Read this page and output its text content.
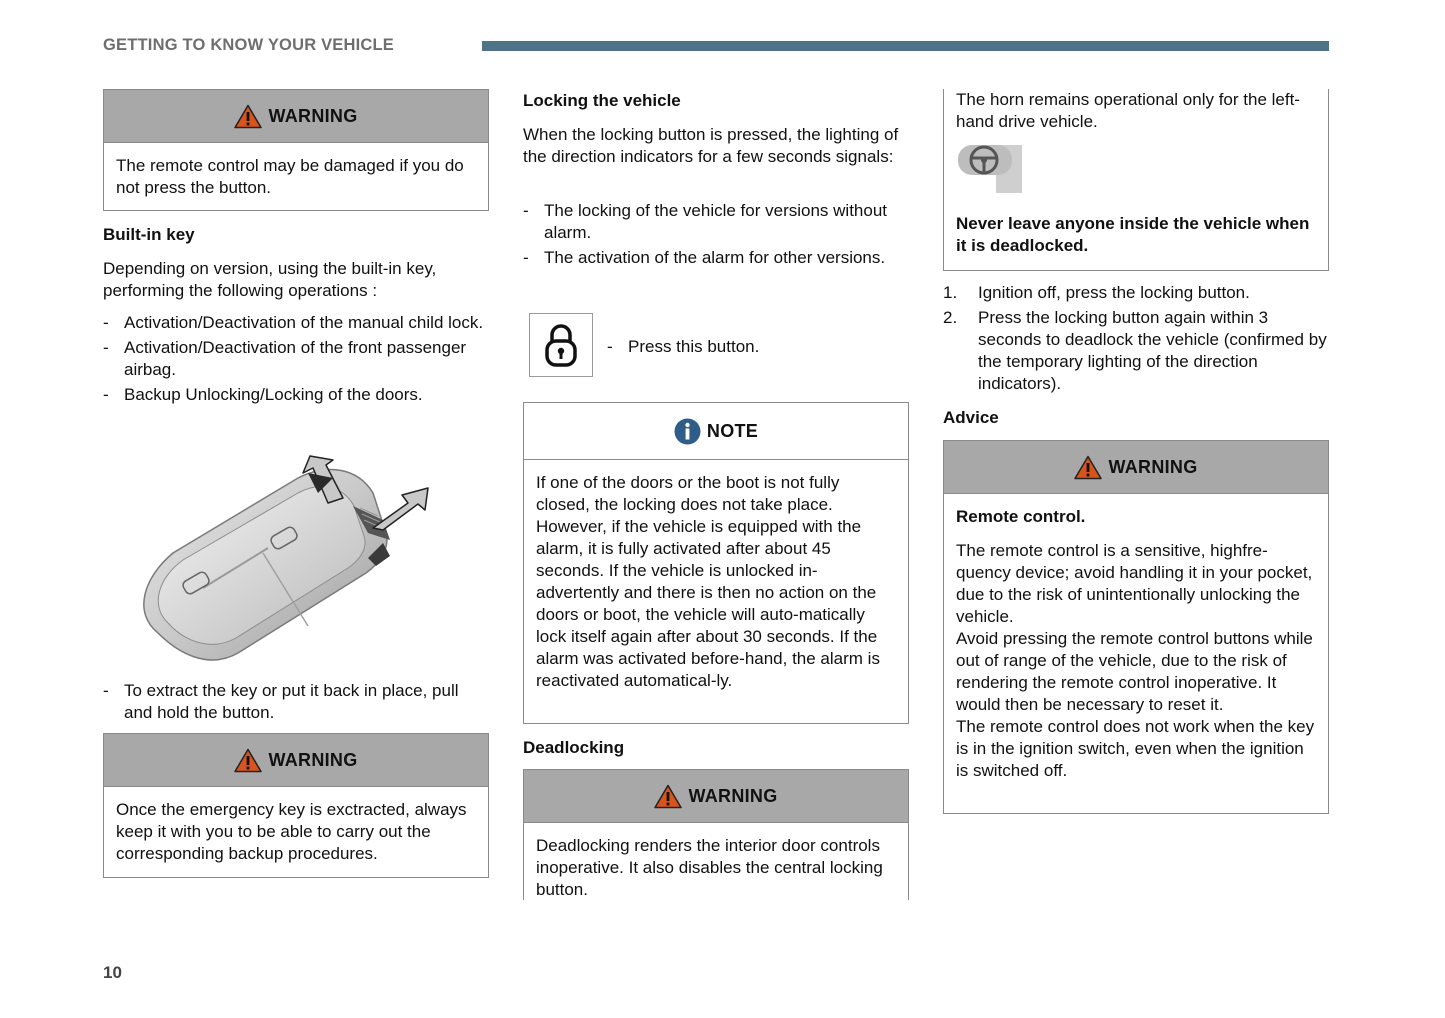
GETTING TO KNOW YOUR VEHICLE
WARNING

The remote control may be damaged if you do not press the button.

Built-in key

Depending on version, using the built-in key, performing the following operations :

- Activation/Deactivation of the manual child lock.
- Activation/Deactivation of the front passenger airbag.
- Backup Unlocking/Locking of the doors.
- To extract the key or put it back in place, pull and hold the button.
WARNING

Once the emergency key is exctracted, always keep it with you to be able to carry out the corresponding backup procedures.

Locking the vehicle

When the locking button is pressed, the lighting of the direction indicators for a few seconds signals:

- The locking of the vehicle for versions without alarm.
- The activation of the alarm for other versions.
- Press this button.
NOTE

If one of the doors or the boot is not fully closed, the locking does not take place. However, if the vehicle is equipped with the alarm, it is fully activated after about 45 seconds. If the vehicle is unlocked in-advertently and there is then no action on the doors or boot, the vehicle will auto-matically lock itself again after about 30 seconds. If the alarm was activated before-hand, the alarm is reactivated automatical-ly.

Deadlocking
WARNING

Deadlocking renders the interior door controls inoperative. It also disables the central locking button.

The horn remains operational only for the left-hand drive vehicle.

Never leave anyone inside the vehicle when it is deadlocked.

1. Ignition off, press the locking button.
2. Press the locking button again within 3 seconds to deadlock the vehicle (confirmed by the temporary lighting of the direction indicators).
Advice
WARNING

Remote control.

The remote control is a sensitive, highfre-quency device; avoid handling it in your pocket, due to the risk of unintentionally unlocking the vehicle.

Avoid pressing the remote control buttons while out of range of the vehicle, due to the risk of rendering the remote control inoperative. It would then be necessary to reset it.

The remote control does not work when the key is in the ignition switch, even when the ignition is switched off.

10
